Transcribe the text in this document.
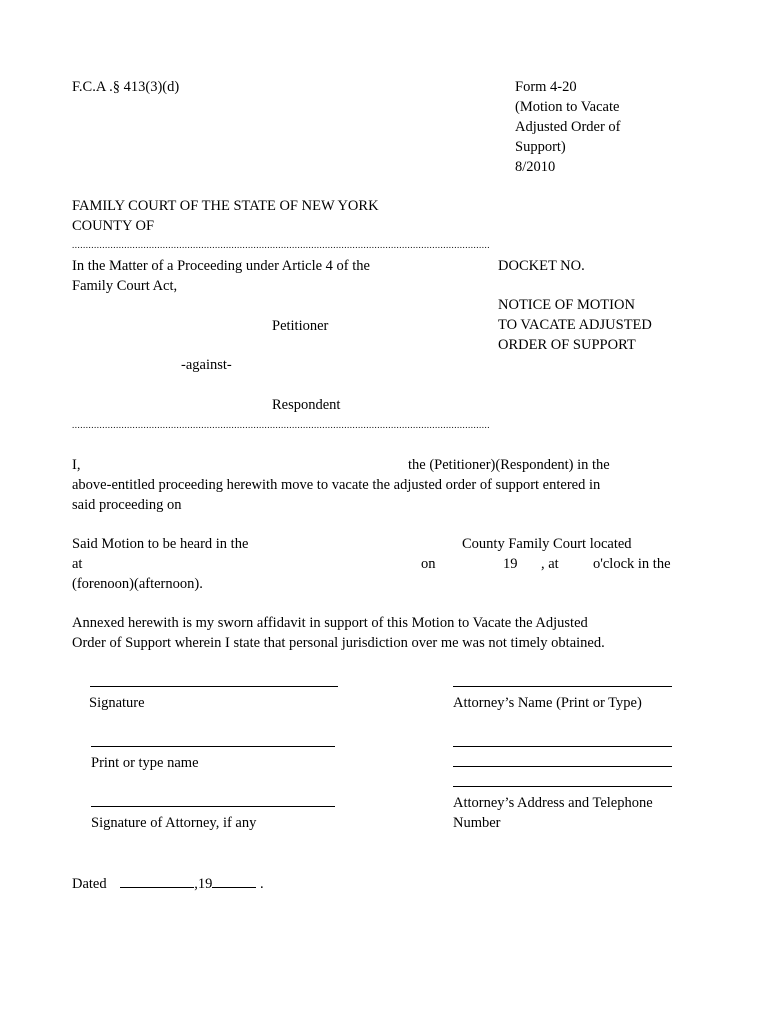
F.C.A .§ 413(3)(d)	Form 4-20
(Motion to Vacate
Adjusted Order of
Support)
8/2010
FAMILY COURT OF THE STATE OF NEW YORK
COUNTY OF
........................................................................................................................................................
In the Matter of a Proceeding under Article 4 of the
Family Court Act,
Petitioner
-against-
Respondent
........................................................................................................................................................
DOCKET NO.
NOTICE OF MOTION
TO VACATE ADJUSTED
ORDER OF SUPPORT
I,	the (Petitioner)(Respondent) in the
above-entitled proceeding herewith move to vacate the adjusted order of support entered in
said proceeding on
Said Motion to be heard in the	County Family Court located
at	on	19 , at o'clock in the
(forenoon)(afternoon).
Annexed herewith is my sworn affidavit in support of this Motion to Vacate the Adjusted
Order of Support wherein I state that personal jurisdiction over me was not timely obtained.
Signature
Print or type name
Signature of Attorney, if any
Attorney’s Name (Print or Type)
Attorney’s Address and Telephone
Number
Dated	,19	.
